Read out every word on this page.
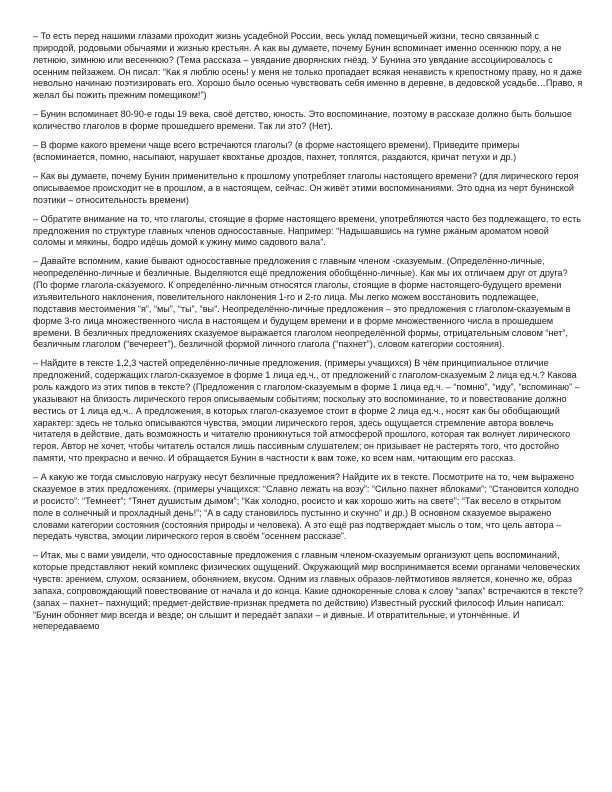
– То есть перед нашими глазами проходит жизнь усадебной России, весь уклад помещичьей жизни, тесно связанный с природой, родовыми обычаями и жизнью крестьян. А как вы думаете, почему Бунин вспоминает именно осеннюю пору, а не летнюю, зимнюю или весеннюю? (Тема рассказа – увядание дворянских гнёзд. У Бунина это увядание ассоциировалось с осенним пейзажем. Он писал: “Как я люблю осень! у меня не только пропадает всякая ненависть к крепостному праву, но я даже невольно начинаю поэтизировать его. Хорошо было осенью чувствовать себя именно в деревне, в дедовской усадьбе…Право, я желал бы пожить прежним помещиком!”)

– Бунин вспоминает 80-90-е годы 19 века, своё детство, юность. Это воспоминание, поэтому в рассказе должно быть большое количество глаголов в форме прошедшего времени. Так ли это? (Нет).

– В форме какого времени чаще всего встречаются глаголы? (в форме настоящего времени). Приведите примеры (вспоминается, помню, насыпают, нарушает квохтанье дроздов, пахнет, топлятся, раздаются, кричат петухи и др.)

– Как вы думаете, почему Бунин применительно к прошлому употребляет глаголы настоящего времени? (для лирического героя описываемое происходит не в прошлом, а в настоящем, сейчас. Он живёт этими воспоминаниями. Это одна из черт бунинской поэтики – относительность времени)

– Обратите внимание на то, что глаголы, стоящие в форме настоящего времени, употребляются часто без подлежащего, то есть предложения по структуре главных членов односоставные. Например: “Надышавшись на гумне ржаным ароматом новой соломы и мякины, бодро идёшь домой к ужину мимо садового вала”.

– Давайте вспомним, какие бывают односоставные предложения с главным членом -сказуемым. (Определённо-личные, неопределённо-личные и безличные. Выделяются ещё предложения обобщённо-личные). Как мы их отличаем друг от друга? (По форме глагола-сказуемого. К определённо-личным относятся глаголы, стоящие в форме настоящего-будущего времени изъявительного наклонения, повелительного наклонения 1-го и 2-го лица. Мы легко можем восстановить подлежащее, подставив местоимения “я”, “мы”, “ты”, “вы”. Неопределённо-личные предложения – это предложения с глаголом-сказуемым в форме 3-го лица множественного числа в настоящем и будущем времени и в форме множественного числа в прошедшем времени. В безличных предложениях сказуемое выражается глаголом неопределённой формы, отрицательным словом “нет”, безличным глаголом (“вечереет”), безличной формой личного глагола (“пахнет”), словом категории состояния).

– Найдите в тексте 1,2,3 частей определённо-личные предложения. (примеры учащихся) В чём принципиальное отличие предложений, содержащих глагол-сказуемое в форме 1 лица ед.ч., от предложений с глаголом-сказуемым 2 лица ед.ч.? Какова роль каждого из этих типов в тексте? (Предложения с глаголом-сказуемым в форме 1 лица ед.ч. – “помню”, “иду”, “вспоминаю” – указывают на близость лирического героя описываемым событиям; поскольку это воспоминание, то и повествование должно вестись от 1 лица ед.ч.. А предложения, в которых глагол-сказуемое стоит в форме 2 лица ед.ч., носят как бы обобщающий характер: здесь не только описываются чувства, эмоции лирического героя, здесь ощущается стремление автора вовлечь читателя в действие, дать возможность и читателю проникнуться той атмосферой прошлого, которая так волнует лирического героя. Автор не хочет, чтобы читатель остался лишь пассивным слушателем; он призывает не растерять того, что достойно памяти, что прекрасно и вечно. И обращается Бунин в частности к вам тоже, ко всем нам, читающим его рассказ.

– А какую же тогда смысловую нагрузку несут безличные предложения? Найдите их в тексте. Посмотрите на то, чем выражено сказуемое в этих предложениях. (примеры учащихся: “Славно лежать на возу”: “Сильно пахнет яблоками”; “Становится холодно и росисто”: “Темнеет”; “Тянет душистым дымом”; “Как холодно, росисто и как хорошо жить на свете”; “Так весело в открытом поле в солнечный и прохладный день!”; “А в саду становилось пустынно и скучно” и др.) В основном сказуемое выражено словами категории состояния (состояния природы и человека). А это ещё раз подтверждает мысль о том, что цель автора – передать чувства, эмоции лирического героя в своём “осеннем рассказе”.

– Итак, мы с вами увидели, что односоставные предложения с главным членом-сказуемым организуют цепь воспоминаний, которые представляют некий комплекс физических ощущений. Окружающий мир воспринимается всеми органами человеческих чувств: зрением, слухом, осязанием, обонянием, вкусом. Одним из главных образов-лейтмотивов является, конечно же, образ запаха, сопровождающий повествование от начала и до конца. Какие однокоренные слова к слову “запах” встречаются в тексте? (запах – пахнет– пахнущий; предмет-действие-признак предмета по действию) Известный русский философ Ильин написал: “Бунин обоняет мир всегда и везде; он слышит и передаёт запахи – и дивные. И отвратительные, и утончённые. И непередаваемо
